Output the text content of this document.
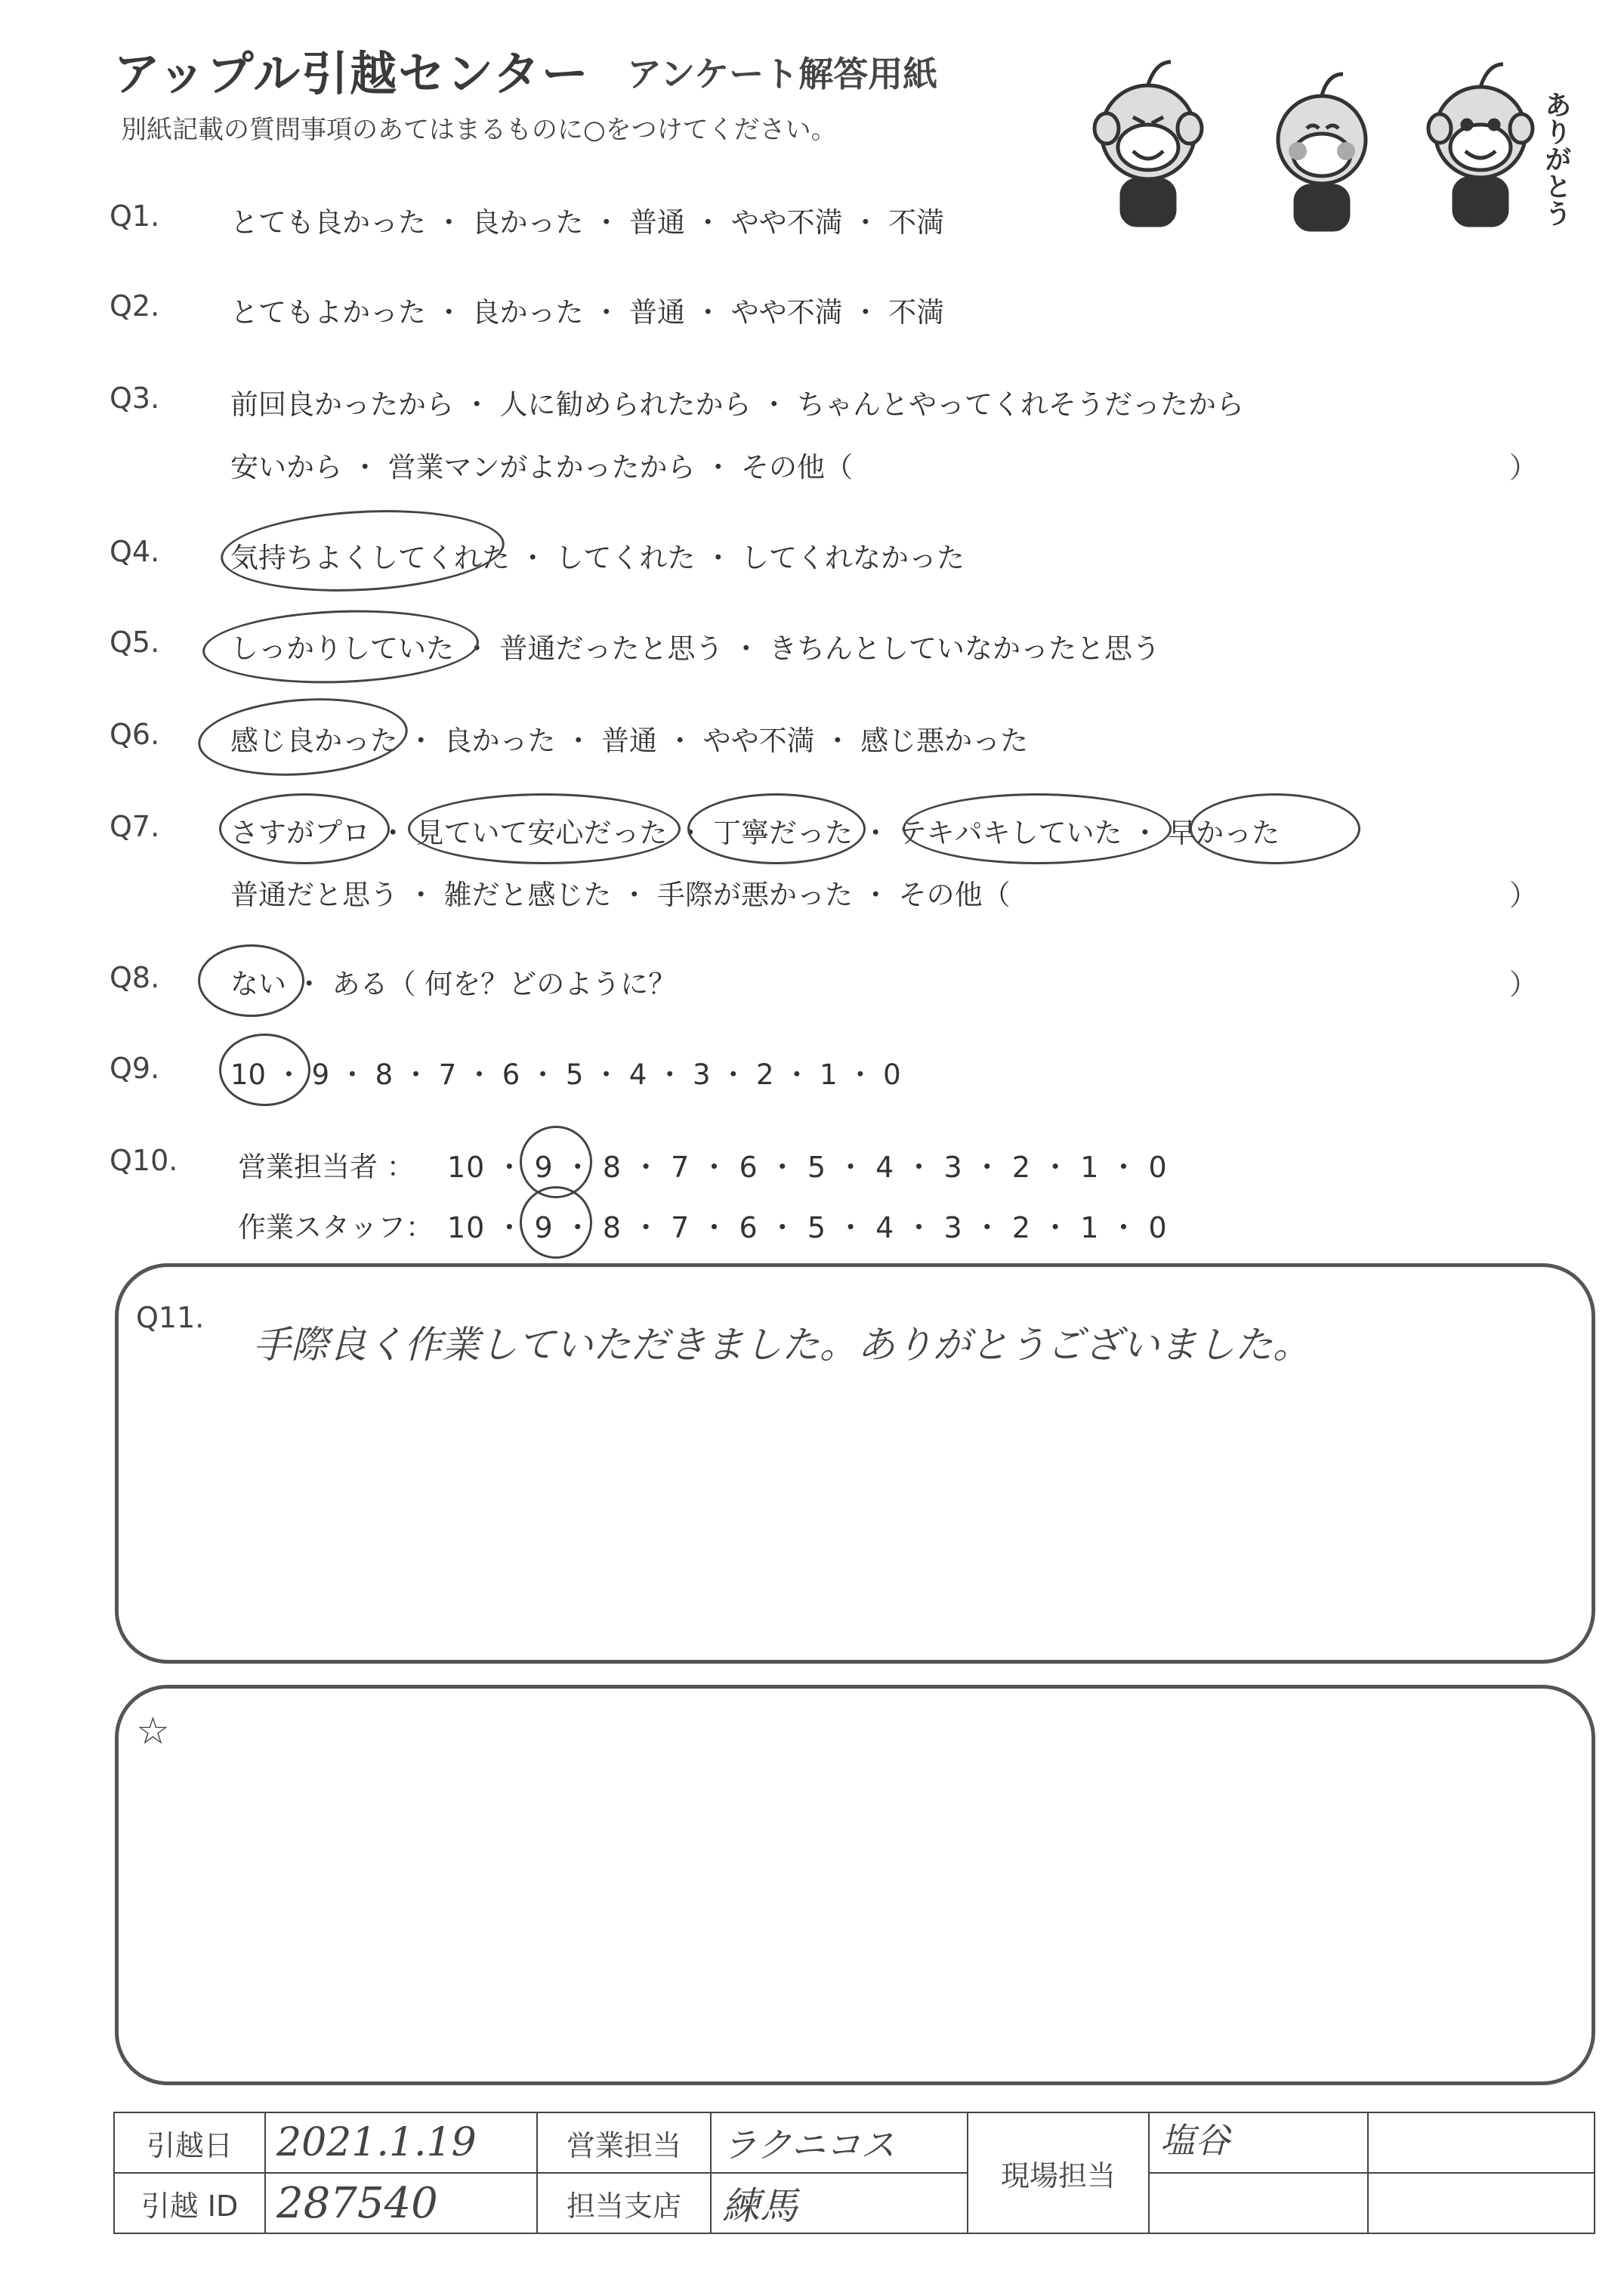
アップル引越センター アンケート解答用紙
別紙記載の質問事項のあてはまるものに○をつけてください。	ありがとう
Q1.	とても良かった ・ 良かった ・ 普通 ・ やや不満 ・ 不満
Q2.	とてもよかった ・ 良かった ・ 普通 ・ やや不満 ・ 不満
Q3.	前回良かったから ・ 人に勧められたから ・ ちゃんとやってくれそうだったから
安いから ・ 営業マンがよかったから ・ その他（	）
Q4.	気持ちよくしてくれた ・ してくれた ・ してくれなかった
Q5.	しっかりしていた ・ 普通だったと思う ・ きちんとしていなかったと思う
Q6.	感じ良かった ・ 良かった ・ 普通 ・ やや不満 ・ 感じ悪かった
Q7.	さすがプロ ・ 見ていて安心だった ・ 丁寧だった ・ テキパキしていた ・ 早かった
普通だと思う ・ 雑だと感じた ・ 手際が悪かった ・ その他（	）
Q8.	ない ・ ある（ 何を？どのように？	）
Q9.	10 ・ 9 ・ 8 ・ 7 ・ 6 ・ 5 ・ 4 ・ 3 ・ 2 ・ 1 ・ 0
Q10. 営業担当者 ： 10 ・ 9 ・ 8 ・ 7 ・ 6 ・ 5 ・ 4 ・ 3 ・ 2 ・ 1 ・ 0
作業スタッフ： 10 ・ 9 ・ 8 ・ 7 ・ 6 ・ 5 ・ 4 ・ 3 ・ 2 ・ 1 ・ 0
Q11.
手際良く作業していただきました。ありがとうございました。
☆
引越日	2021.1.19	営業担当	ラクニコス	現場担当	塩谷	
引越 ID	287540	担当支店	練馬			
